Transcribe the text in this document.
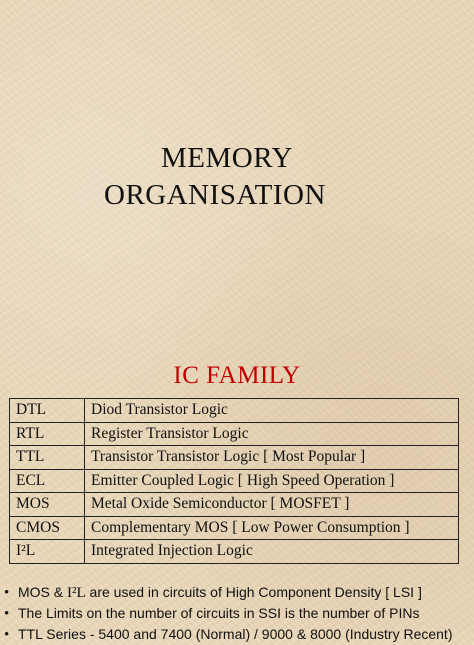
MEMORY
ORGANISATION
IC FAMILY
DTL	Diod Transistor Logic
RTL	Register Transistor Logic
TTL	Transistor Transistor Logic [ Most Popular ]
ECL	Emitter Coupled Logic [ High Speed Operation ]
MOS	Metal Oxide Semiconductor [ MOSFET ]
CMOS	Complementary MOS [ Low Power Consumption ]
I²L	Integrated Injection Logic
• MOS & I²L are used in circuits of High Component Density [ LSI ]
• The Limits on the number of circuits in SSI is the number of PINs
• TTL Series - 5400 and 7400 (Normal) / 9000 & 8000 (Industry Recent)
